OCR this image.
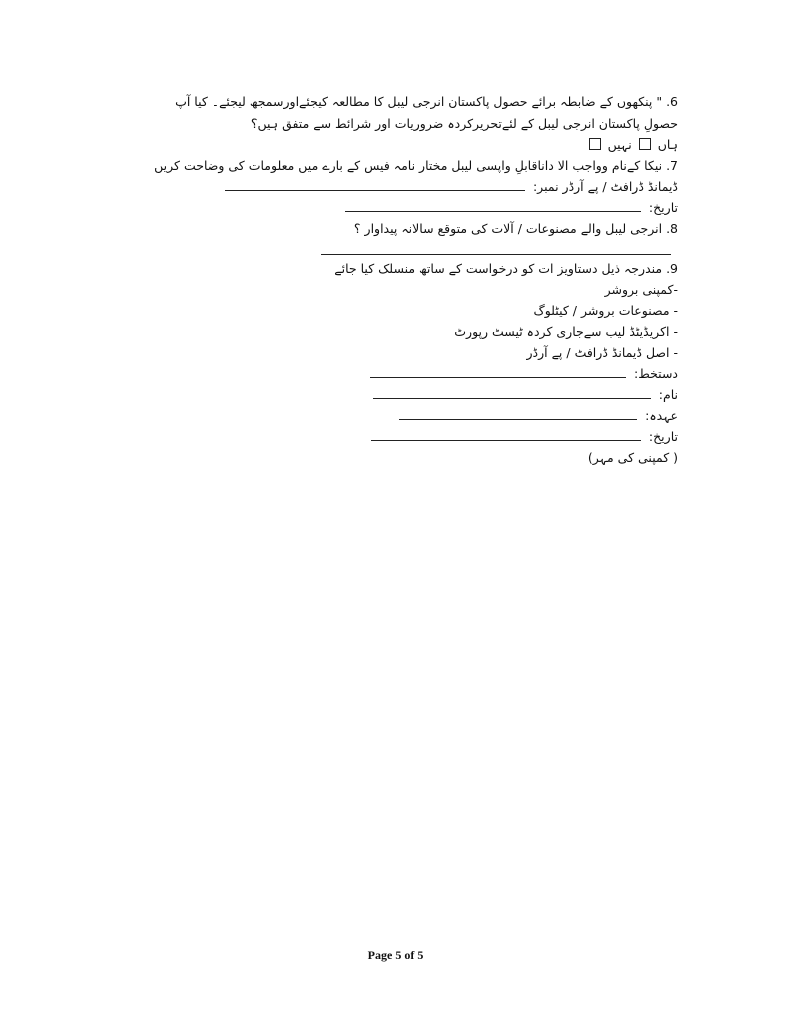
6. " پنکھوں کے ضابطہ برائے حصول پاکستان انرجی لیبل کا مطالعہ کیجئےاورسمجھ لیجئے۔ کیا آپ
حصولِ پاکستان انرجی لیبل کے لئےتحریرکردہ ضروریات اور شرائط سے متفق ہیں؟
ہاں  نہیں
7. نیکا کےنام وواجب الا داناقابلِ واپسی لیبل مختار نامہ فیس کے بارے میں معلومات کی وضاحت کریں
ڈیمانڈ ڈرافٹ / پے آرڈر نمبر:
تاریخ:
8. انرجی لیبل والے مصنوعات / آلات کی متوقع سالانہ پیداوار ؟
9. مندرجہ ذیل دستاویز ات کو درخواست کے ساتھ منسلک کیا جائے
-کمپنی بروشر
- مصنوعات بروشر / کیٹلوگ
- اکریڈیٹڈ لیب سےجاری کردہ ٹیسٹ رپورٹ
- اصل ڈیمانڈ ڈرافٹ / پے آرڈر
دستخط:
نام:
عہدہ:
تاریخ:
( کمپنی کی مہر)
Page 5 of 5
